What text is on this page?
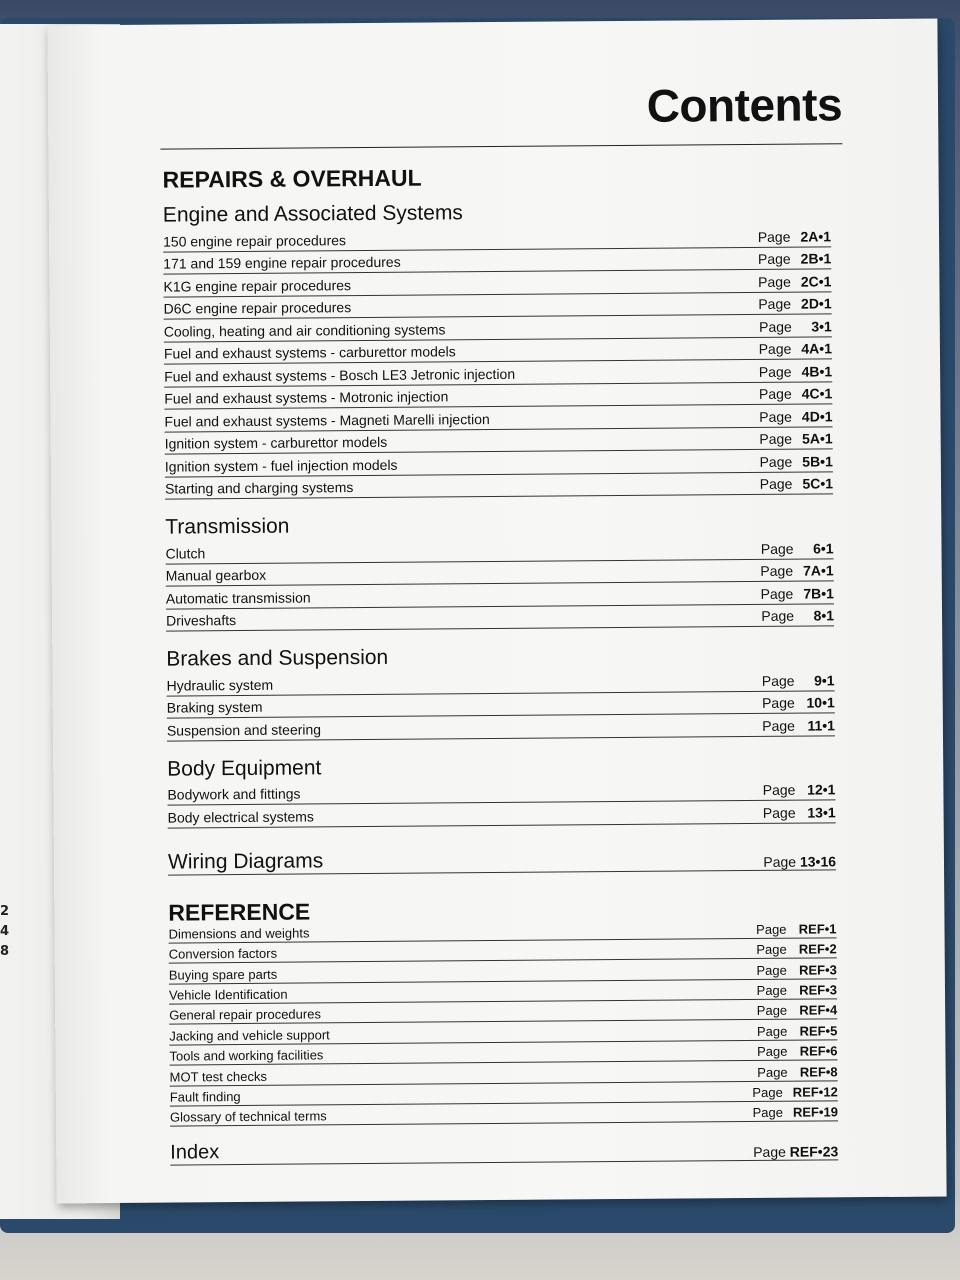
2
4
8
Contents
REPAIRS & OVERHAUL
Engine and Associated Systems
150 engine repair procedures	Page 2A•1
171 and 159 engine repair procedures	Page 2B•1
K1G engine repair procedures	Page 2C•1
D6C engine repair procedures	Page 2D•1
Cooling, heating and air conditioning systems	Page	3•1
Fuel and exhaust systems - carburettor models	Page 4A•1
Fuel and exhaust systems - Bosch LE3 Jetronic injection	Page 4B•1
Fuel and exhaust systems - Motronic injection	Page 4C•1
Fuel and exhaust systems - Magneti Marelli injection	Page 4D•1
Ignition system - carburettor models	Page 5A•1
Ignition system - fuel injection models	Page 5B•1
Starting and charging systems	Page 5C•1
Transmission
Clutch	Page	6•1
Manual gearbox	Page 7A•1
Automatic transmission	Page 7B•1
Driveshafts	Page	8•1
Brakes and Suspension
Hydraulic system	Page	9•1
Braking system	Page 10•1
Suspension and steering	Page 11•1
Body Equipment
Bodywork and fittings	Page 12•1
Body electrical systems	Page 13•1
Wiring Diagrams	Page 13•16
REFERENCE
Dimensions and weights	Page REF•1
Conversion factors	Page REF•2
Buying spare parts	Page REF•3
Vehicle Identification	Page REF•3
General repair procedures	Page REF•4
Jacking and vehicle support	Page REF•5
Tools and working facilities	Page REF•6
MOT test checks	Page REF•8
Fault finding	Page REF•12
Glossary of technical terms	Page REF•19
Index	Page REF•23
